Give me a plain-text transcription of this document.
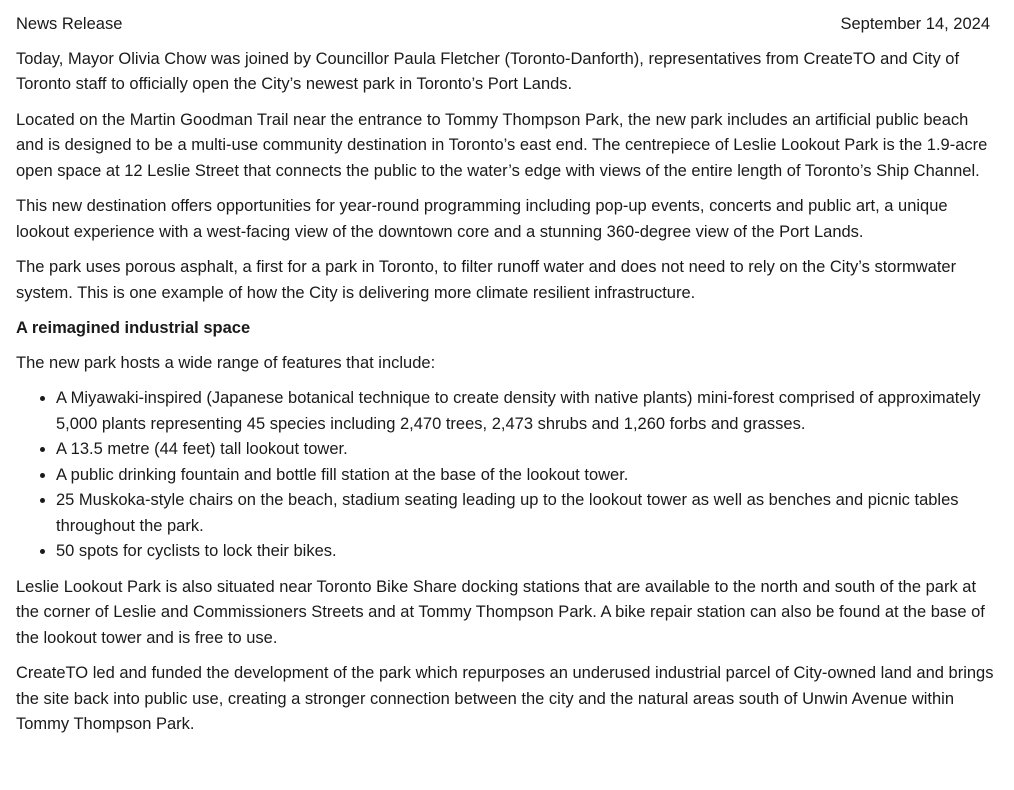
News Release	September 14, 2024

Today, Mayor Olivia Chow was joined by Councillor Paula Fletcher (Toronto-Danforth), representatives from CreateTO and City of Toronto staff to officially open the City’s newest park in Toronto’s Port Lands.

Located on the Martin Goodman Trail near the entrance to Tommy Thompson Park, the new park includes an artificial public beach and is designed to be a multi-use community destination in Toronto’s east end. The centrepiece of Leslie Lookout Park is the 1.9-acre open space at 12 Leslie Street that connects the public to the water’s edge with views of the entire length of Toronto’s Ship Channel.

This new destination offers opportunities for year-round programming including pop-up events, concerts and public art, a unique lookout experience with a west-facing view of the downtown core and a stunning 360-degree view of the Port Lands.

The park uses porous asphalt, a first for a park in Toronto, to filter runoff water and does not need to rely on the City’s stormwater system. This is one example of how the City is delivering more climate resilient infrastructure.

A reimagined industrial space

The new park hosts a wide range of features that include:

• A Miyawaki-inspired (Japanese botanical technique to create density with native plants) mini-forest comprised of approximately 5,000 plants representing 45 species including 2,470 trees, 2,473 shrubs and 1,260 forbs and grasses.
• A 13.5 metre (44 feet) tall lookout tower.
• A public drinking fountain and bottle fill station at the base of the lookout tower.
• 25 Muskoka-style chairs on the beach, stadium seating leading up to the lookout tower as well as benches and picnic tables throughout the park.
• 50 spots for cyclists to lock their bikes.

Leslie Lookout Park is also situated near Toronto Bike Share docking stations that are available to the north and south of the park at the corner of Leslie and Commissioners Streets and at Tommy Thompson Park. A bike repair station can also be found at the base of the lookout tower and is free to use.

CreateTO led and funded the development of the park which repurposes an underused industrial parcel of City-owned land and brings the site back into public use, creating a stronger connection between the city and the natural areas south of Unwin Avenue within Tommy Thompson Park.
